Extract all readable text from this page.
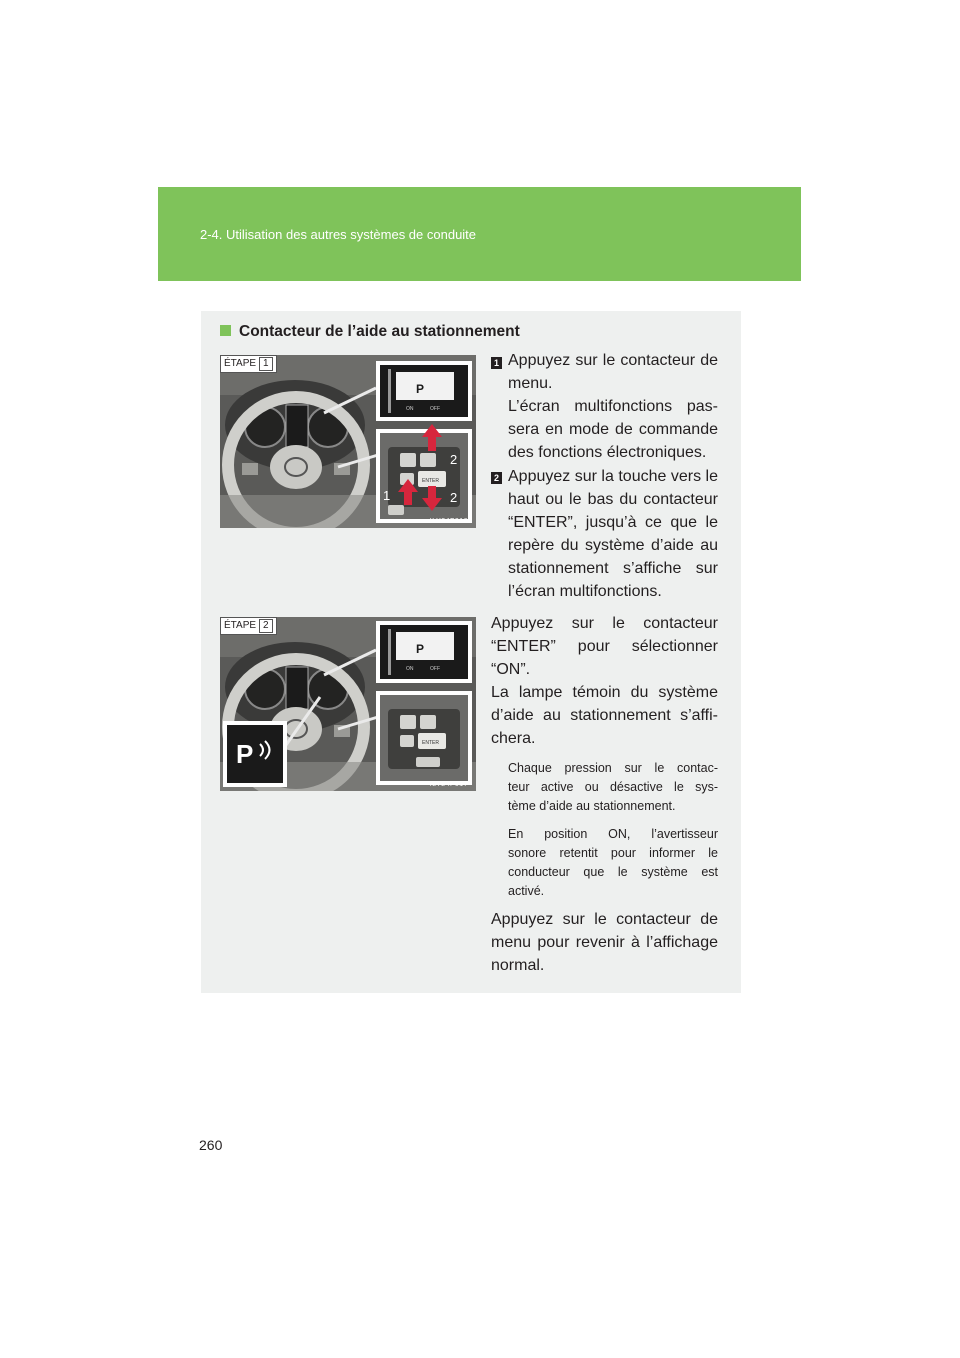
2-4. Utilisation des autres systèmes de conduite
Contacteur de l’aide au stationnement
1
2
2
P
ON	OFF
ENTER
ÉTAPE 1
ILY24F016
P
P
ON	OFF
ENTER
ÉTAPE 2
ILY24F017
1 Appuyez sur le contacteur de
menu.
L’écran multifonctions pas-
sera en mode de commande
des fonctions électroniques.
2 Appuyez sur la touche vers le
haut ou le bas du contacteur
“ENTER”, jusqu’à ce que le
repère du système d’aide au
stationnement s’affiche sur
l’écran multifonctions.
Appuyez sur le contacteur
“ENTER” pour sélectionner
“ON”.
La lampe témoin du système
d’aide au stationnement s’affi-
chera.
Chaque pression sur le contac-
teur active ou désactive le sys-
tème d’aide au stationnement.
En position ON, l’avertisseur
sonore retentit pour informer le
conducteur que le système est
activé.
Appuyez sur le contacteur de
menu pour revenir à l’affichage
normal.
260
